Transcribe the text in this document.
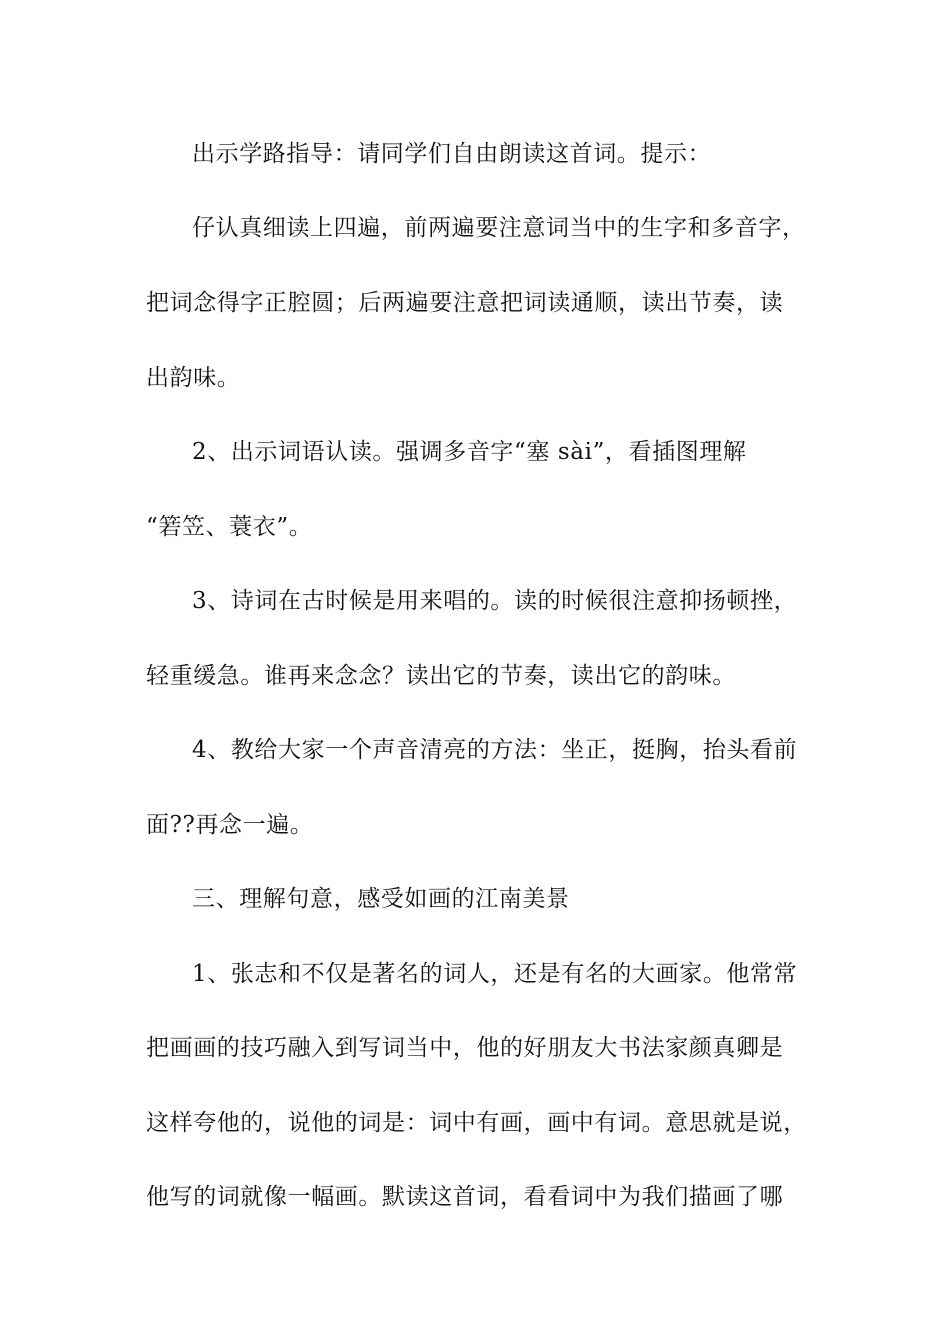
出示学路指导：请同学们自由朗读这首词。提示：
仔认真细读上四遍，前两遍要注意词当中的生字和多音字，
把词念得字正腔圆；后两遍要注意把词读通顺，读出节奏，读
出韵味。
2、出示词语认读。强调多音字“塞 sài”，看插图理解
“箬笠、蓑衣”。
3、诗词在古时候是用来唱的。读的时候很注意抑扬顿挫，
轻重缓急。谁再来念念？读出它的节奏，读出它的韵味。
4、教给大家一个声音清亮的方法：坐正，挺胸，抬头看前
面??再念一遍。
三、理解句意，感受如画的江南美景
1、张志和不仅是著名的词人，还是有名的大画家。他常常
把画画的技巧融入到写词当中，他的好朋友大书法家颜真卿是
这样夸他的，说他的词是：词中有画，画中有词。意思就是说，
他写的词就像一幅画。默读这首词，看看词中为我们描画了哪
